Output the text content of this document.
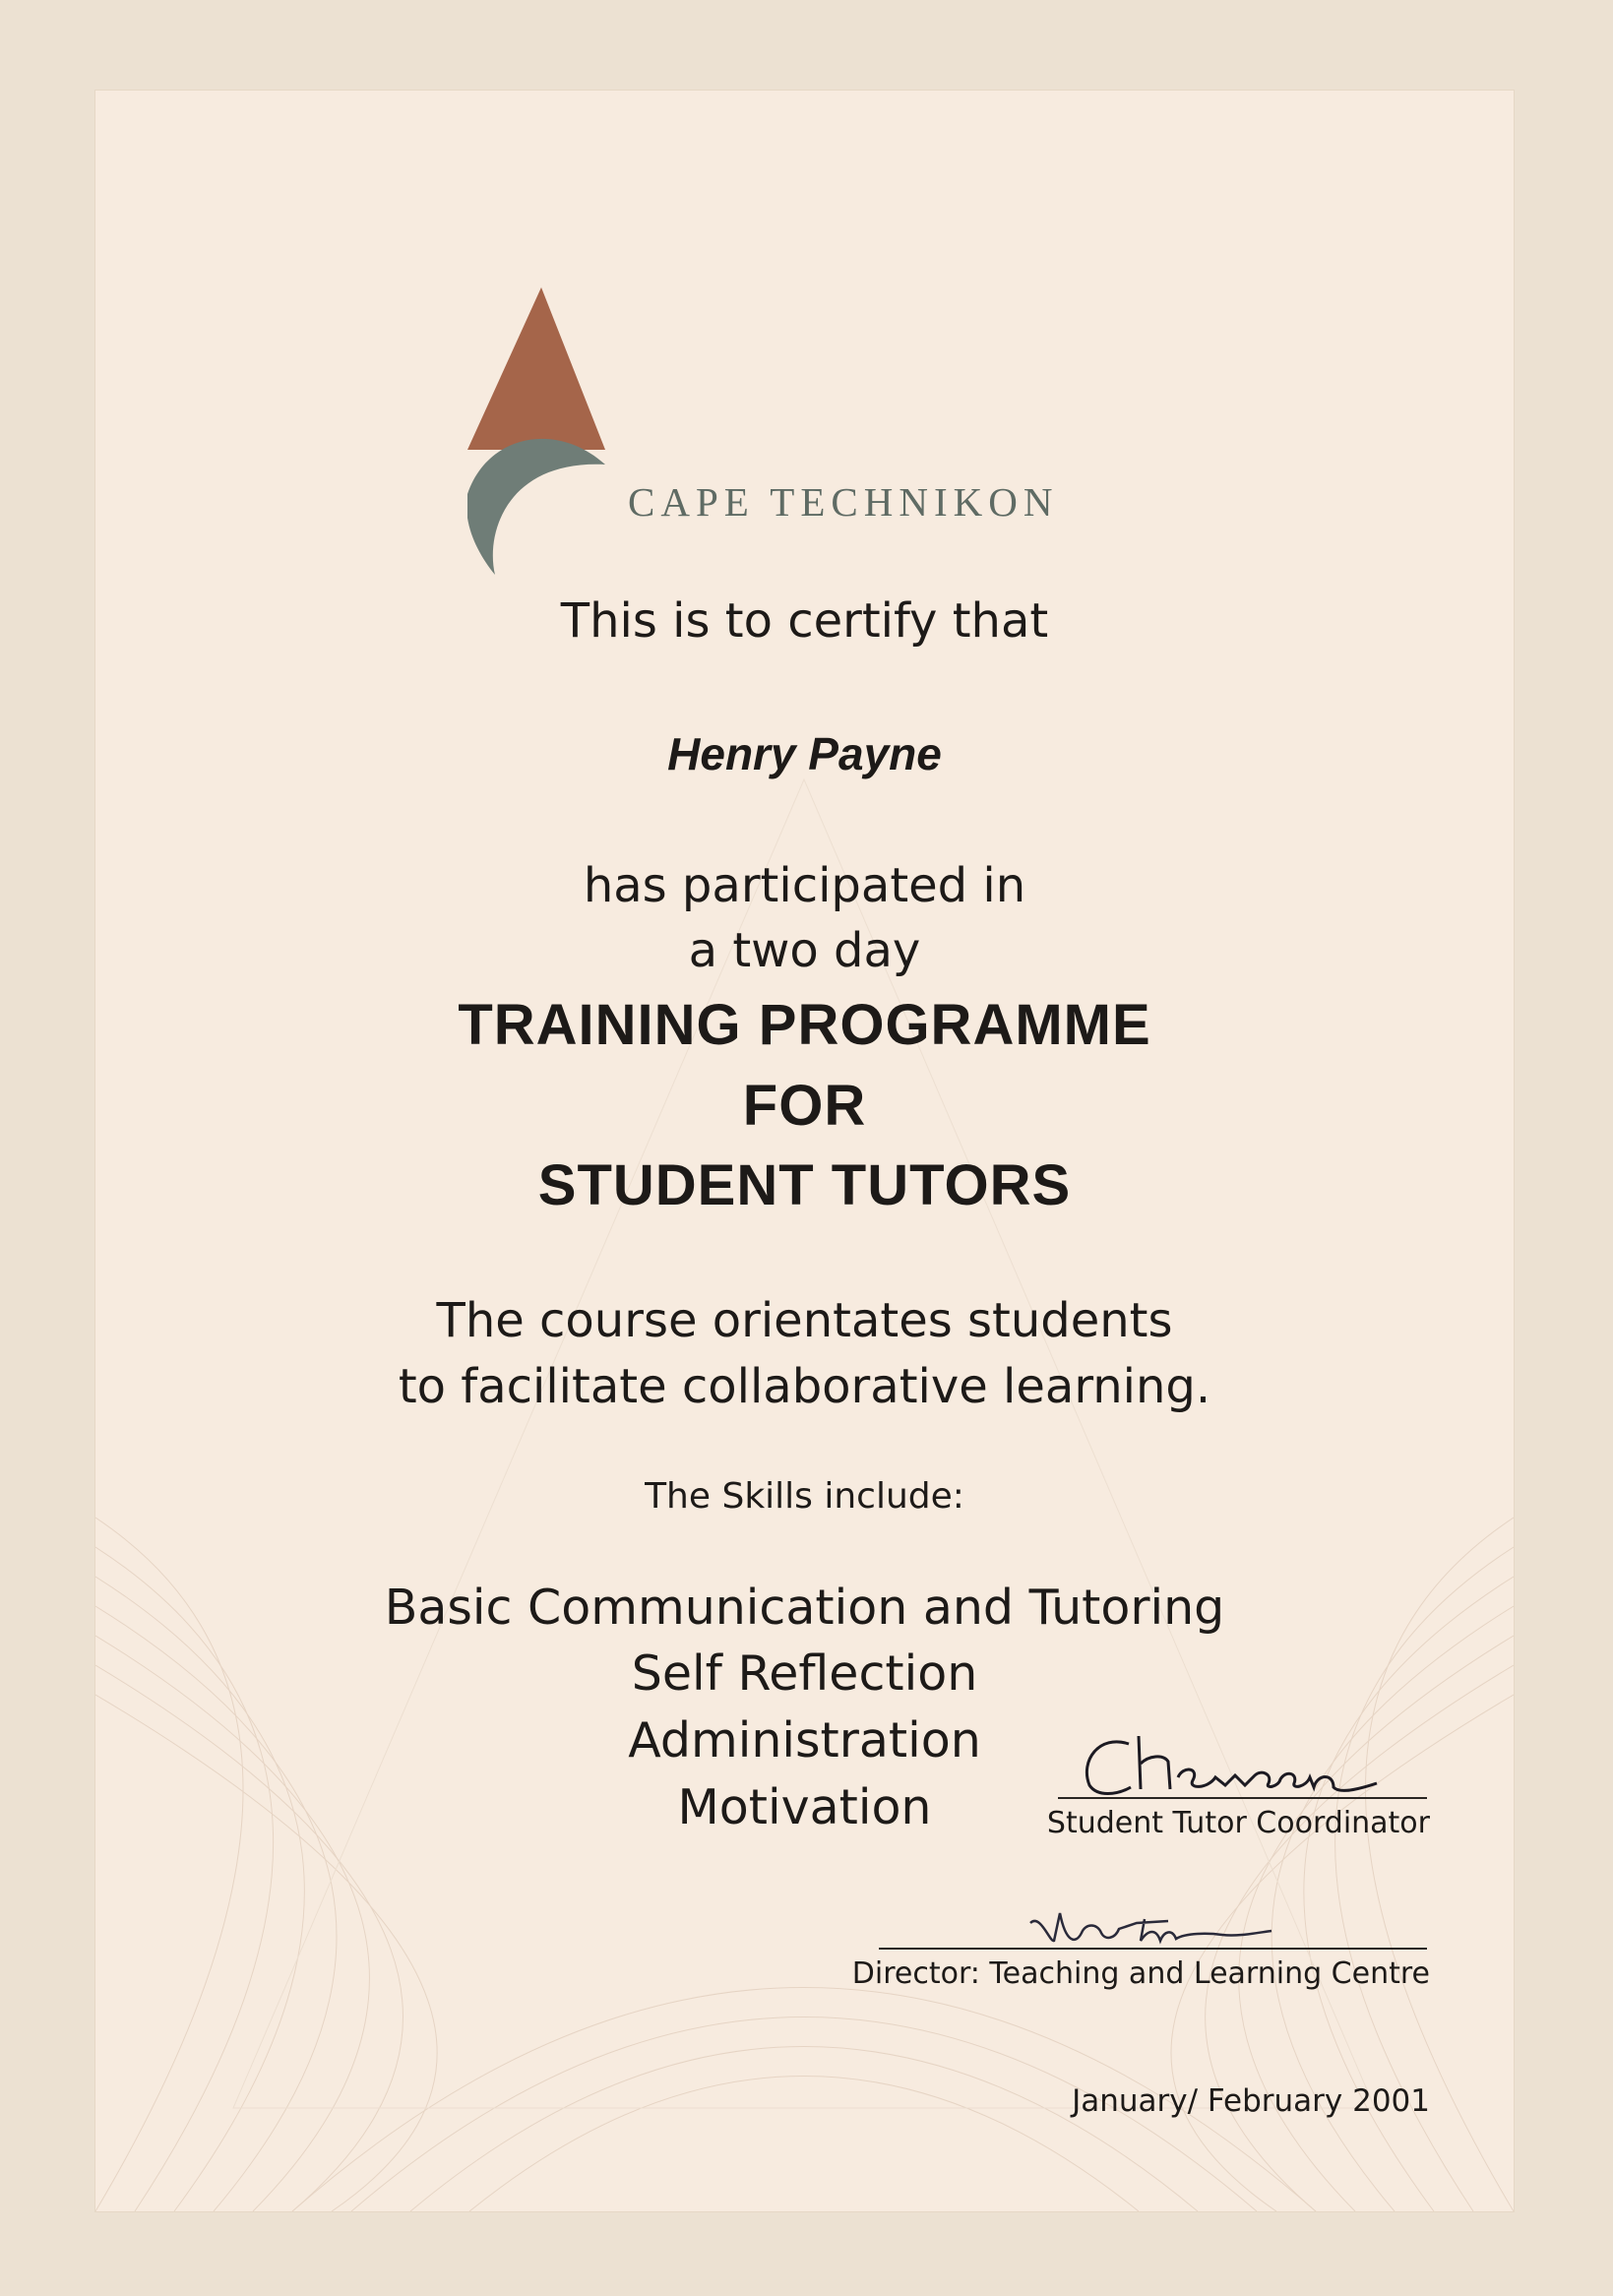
CAPE TECHNIKON
This is to certify that
Henry Payne
has participated in
a two day
TRAINING PROGRAMME
FOR
STUDENT TUTORS
The course orientates students
to facilitate collaborative learning.
The Skills include:
Basic Communication and Tutoring
Self Reflection
Administration
Motivation	Student Tutor Coordinator
Director: Teaching and Learning Centre
January/ February 2001
